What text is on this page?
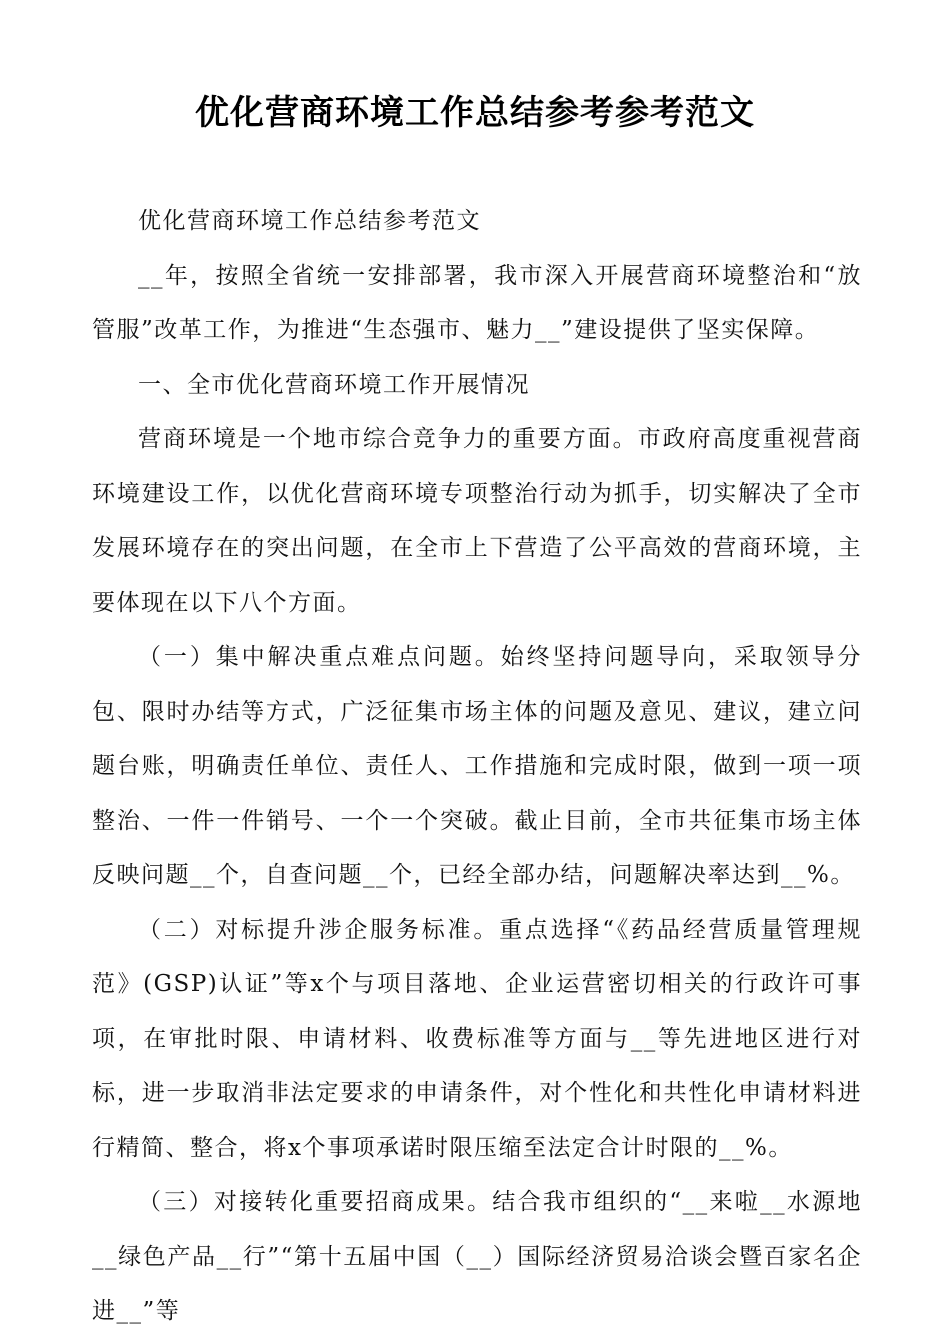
优化营商环境工作总结参考参考范文

优化营商环境工作总结参考范文

__年，按照全省统一安排部署，我市深入开展营商环境整治和“放管服”改革工作，为推进“生态强市、魅力__”建设提供了坚实保障。

一、全市优化营商环境工作开展情况

营商环境是一个地市综合竞争力的重要方面。市政府高度重视营商环境建设工作，以优化营商环境专项整治行动为抓手，切实解决了全市发展环境存在的突出问题，在全市上下营造了公平高效的营商环境，主要体现在以下八个方面。

（一）集中解决重点难点问题。始终坚持问题导向，采取领导分包、限时办结等方式，广泛征集市场主体的问题及意见、建议，建立问题台账，明确责任单位、责任人、工作措施和完成时限，做到一项一项整治、一件一件销号、一个一个突破。截止目前，全市共征集市场主体反映问题__个，自查问题__个，已经全部办结，问题解决率达到__%。

（二）对标提升涉企服务标准。重点选择“《药品经营质量管理规范》(GSP)认证”等x个与项目落地、企业运营密切相关的行政许可事项，在审批时限、申请材料、收费标准等方面与__等先进地区进行对标，进一步取消非法定要求的申请条件，对个性化和共性化申请材料进行精简、整合，将x个事项承诺时限压缩至法定合计时限的__%。

（三）对接转化重要招商成果。结合我市组织的“__来啦__水源地__绿色产品__行”“第十五届中国（__）国际经济贸易洽谈会暨百家名企进__”等
